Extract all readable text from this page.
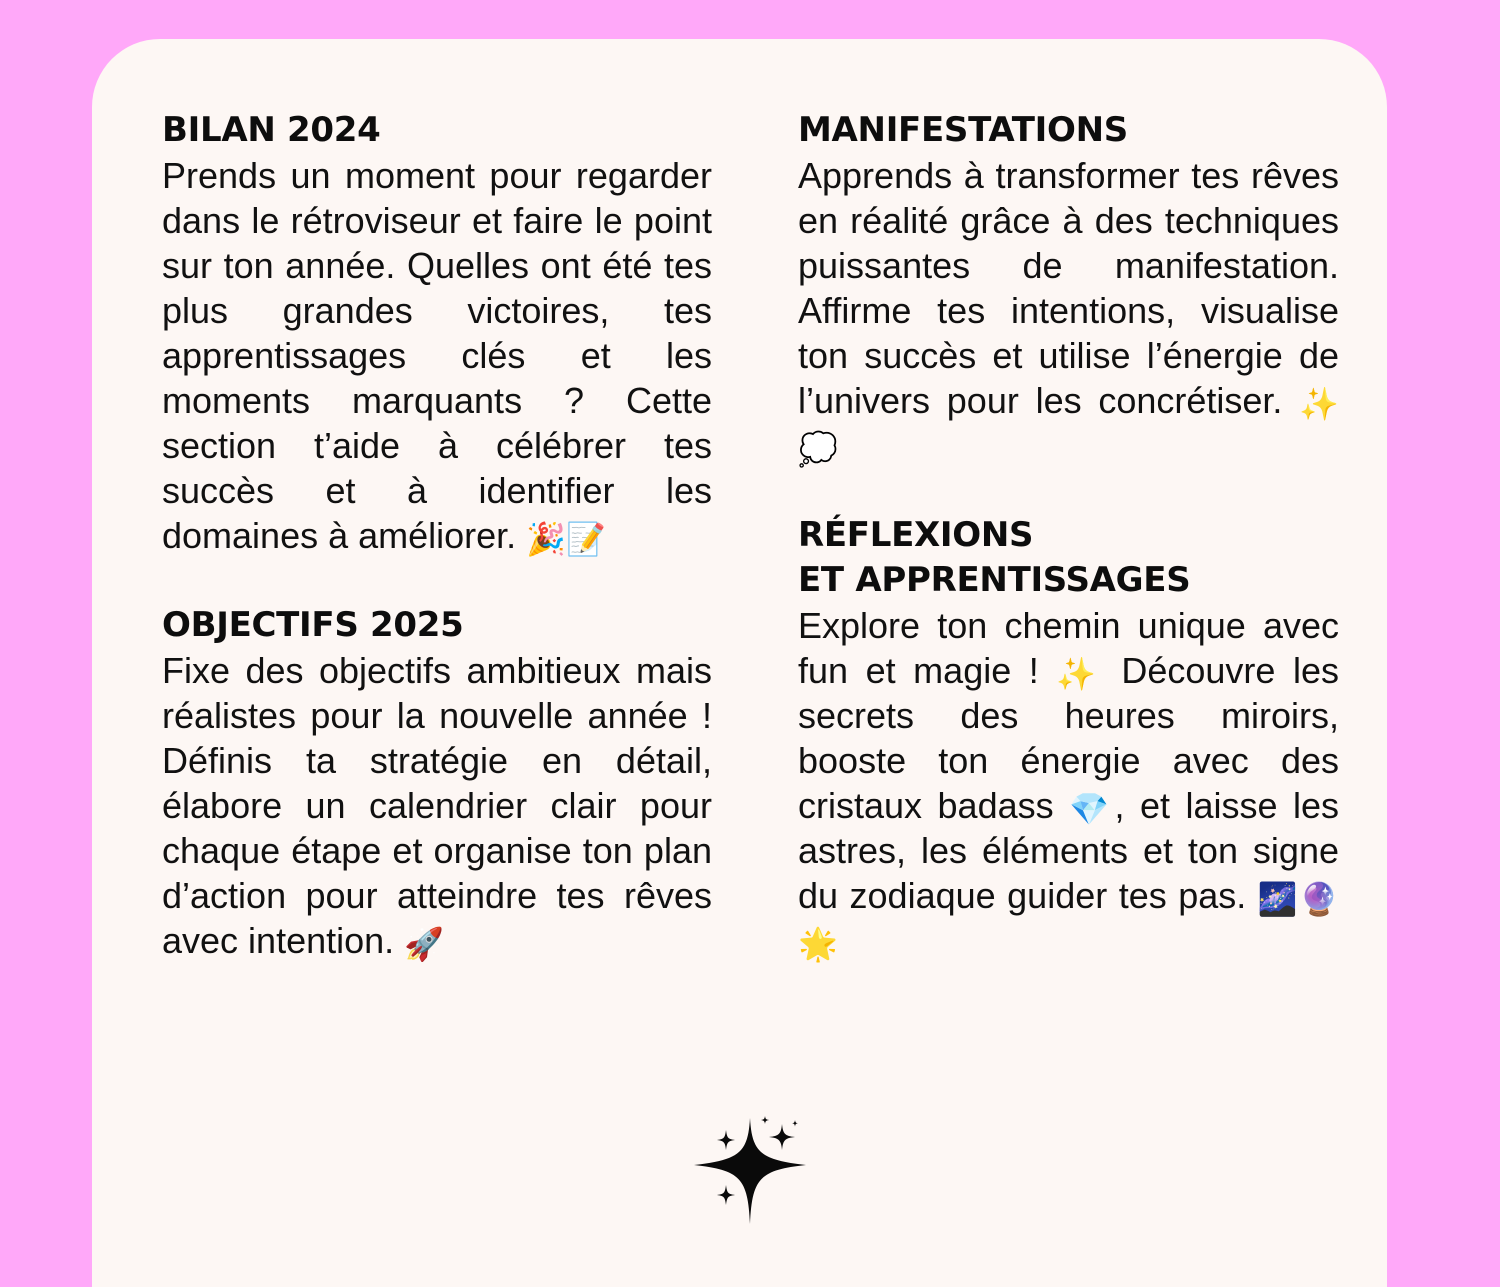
BILAN 2024

Prends un moment pour regarder dans le rétroviseur et faire le point sur ton année. Quelles ont été tes plus grandes victoires, tes apprentissages clés et les moments marquants ? Cette section t’aide à célébrer tes succès et à identifier les domaines à améliorer. 🎉📝

OBJECTIFS 2025

Fixe des objectifs ambitieux mais réalistes pour la nouvelle année ! Définis ta stratégie en détail, élabore un calendrier clair pour chaque étape et organise ton plan d’action pour atteindre tes rêves avec intention. 🚀

MANIFESTATIONS

Apprends à transformer tes rêves en réalité grâce à des techniques puissantes de manifestation. Affirme tes intentions, visualise ton succès et utilise l’énergie de l’univers pour les concrétiser. ✨💭

RÉFLEXIONS
ET APPRENTISSAGES

Explore ton chemin unique avec fun et magie ! ✨ Découvre les secrets des heures miroirs, booste ton énergie avec des cristaux badass 💎, et laisse les astres, les éléments et ton signe du zodiaque guider tes pas. 🌌🔮🌟
